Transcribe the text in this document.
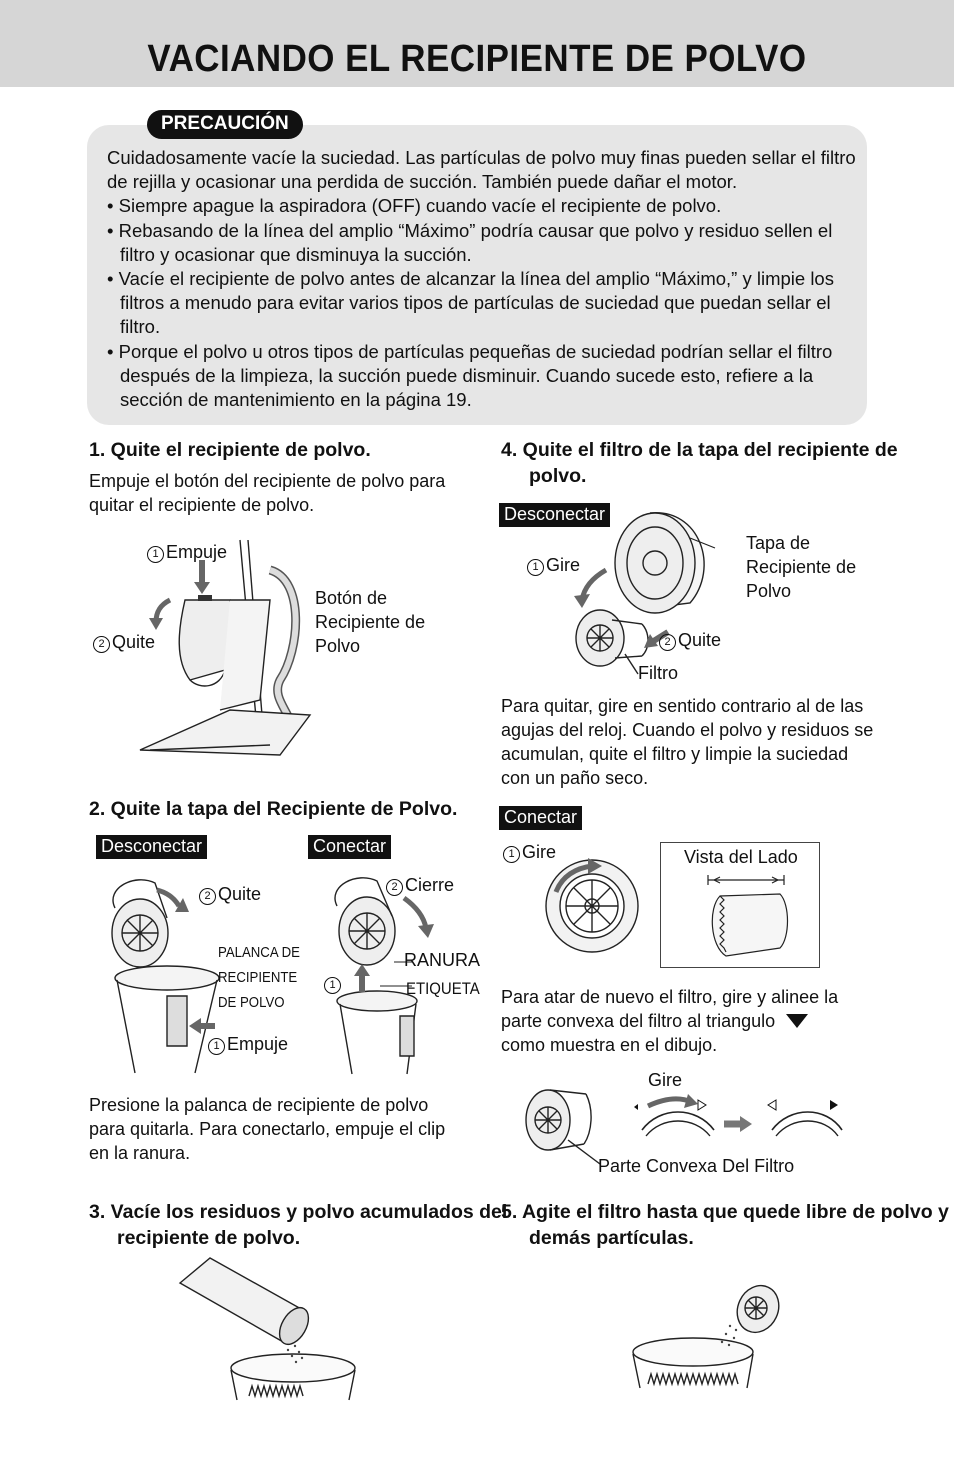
VACIANDO EL RECIPIENTE DE POLVO
PRECAUCIÓN

Cuidadosamente vacíe la suciedad. Las partículas de polvo muy finas pueden sellar el filtro de rejilla y ocasionar una perdida de succión. También puede dañar el motor.

• Siempre apague la aspiradora (OFF) cuando vacíe el recipiente de polvo.

• Rebasando de la línea del amplio “Máximo” podría causar que polvo y residuo sellen el filtro y ocasionar que disminuya la succión.

• Vacíe el recipiente de polvo antes de alcanzar la línea del amplio “Máximo,” y limpie los filtros a menudo para evitar varios tipos de partículas de suciedad que puedan sellar el filtro.

• Porque el polvo u otros tipos de partículas pequeñas de suciedad podrían sellar el filtro después de la limpieza, la succión puede disminuir. Cuando sucede esto, refiere a la sección de mantenimiento en la página 19.

1. Quite el recipiente de polvo.
Empuje el botón del recipiente de polvo para quitar el recipiente de polvo.
1 Empuje
2 Quite
Botón de Recipiente de Polvo
2. Quite la tapa del Recipiente de Polvo.
Desconectar	Conectar
2 Quite
PALANCA DE RECIPIENTE DE POLVO
1 Empuje
2 Cierre
RANURA
1	ETIQUETA
Presione la palanca de recipiente de polvo para quitarla. Para conectarlo, empuje el clip en la ranura.
3. Vacíe los residuos y polvo acumulados del recipiente de polvo.
4. Quite el filtro de la tapa del recipiente de polvo.
Desconectar
1 Gire
Tapa de Recipiente de Polvo
2 Quite
Filtro
Para quitar, gire en sentido contrario al de las agujas del reloj. Cuando el polvo y residuos se acumulan, quite el filtro y limpie la suciedad con un paño seco.
Conectar
1 Gire	Vista del Lado
Para atar de nuevo el filtro, gire y alinee la parte convexa del filtro al triangulo
como muestra en el dibujo.
Gire
Parte Convexa Del Filtro
5. Agite el filtro hasta que quede libre de polvo y demás partículas.
